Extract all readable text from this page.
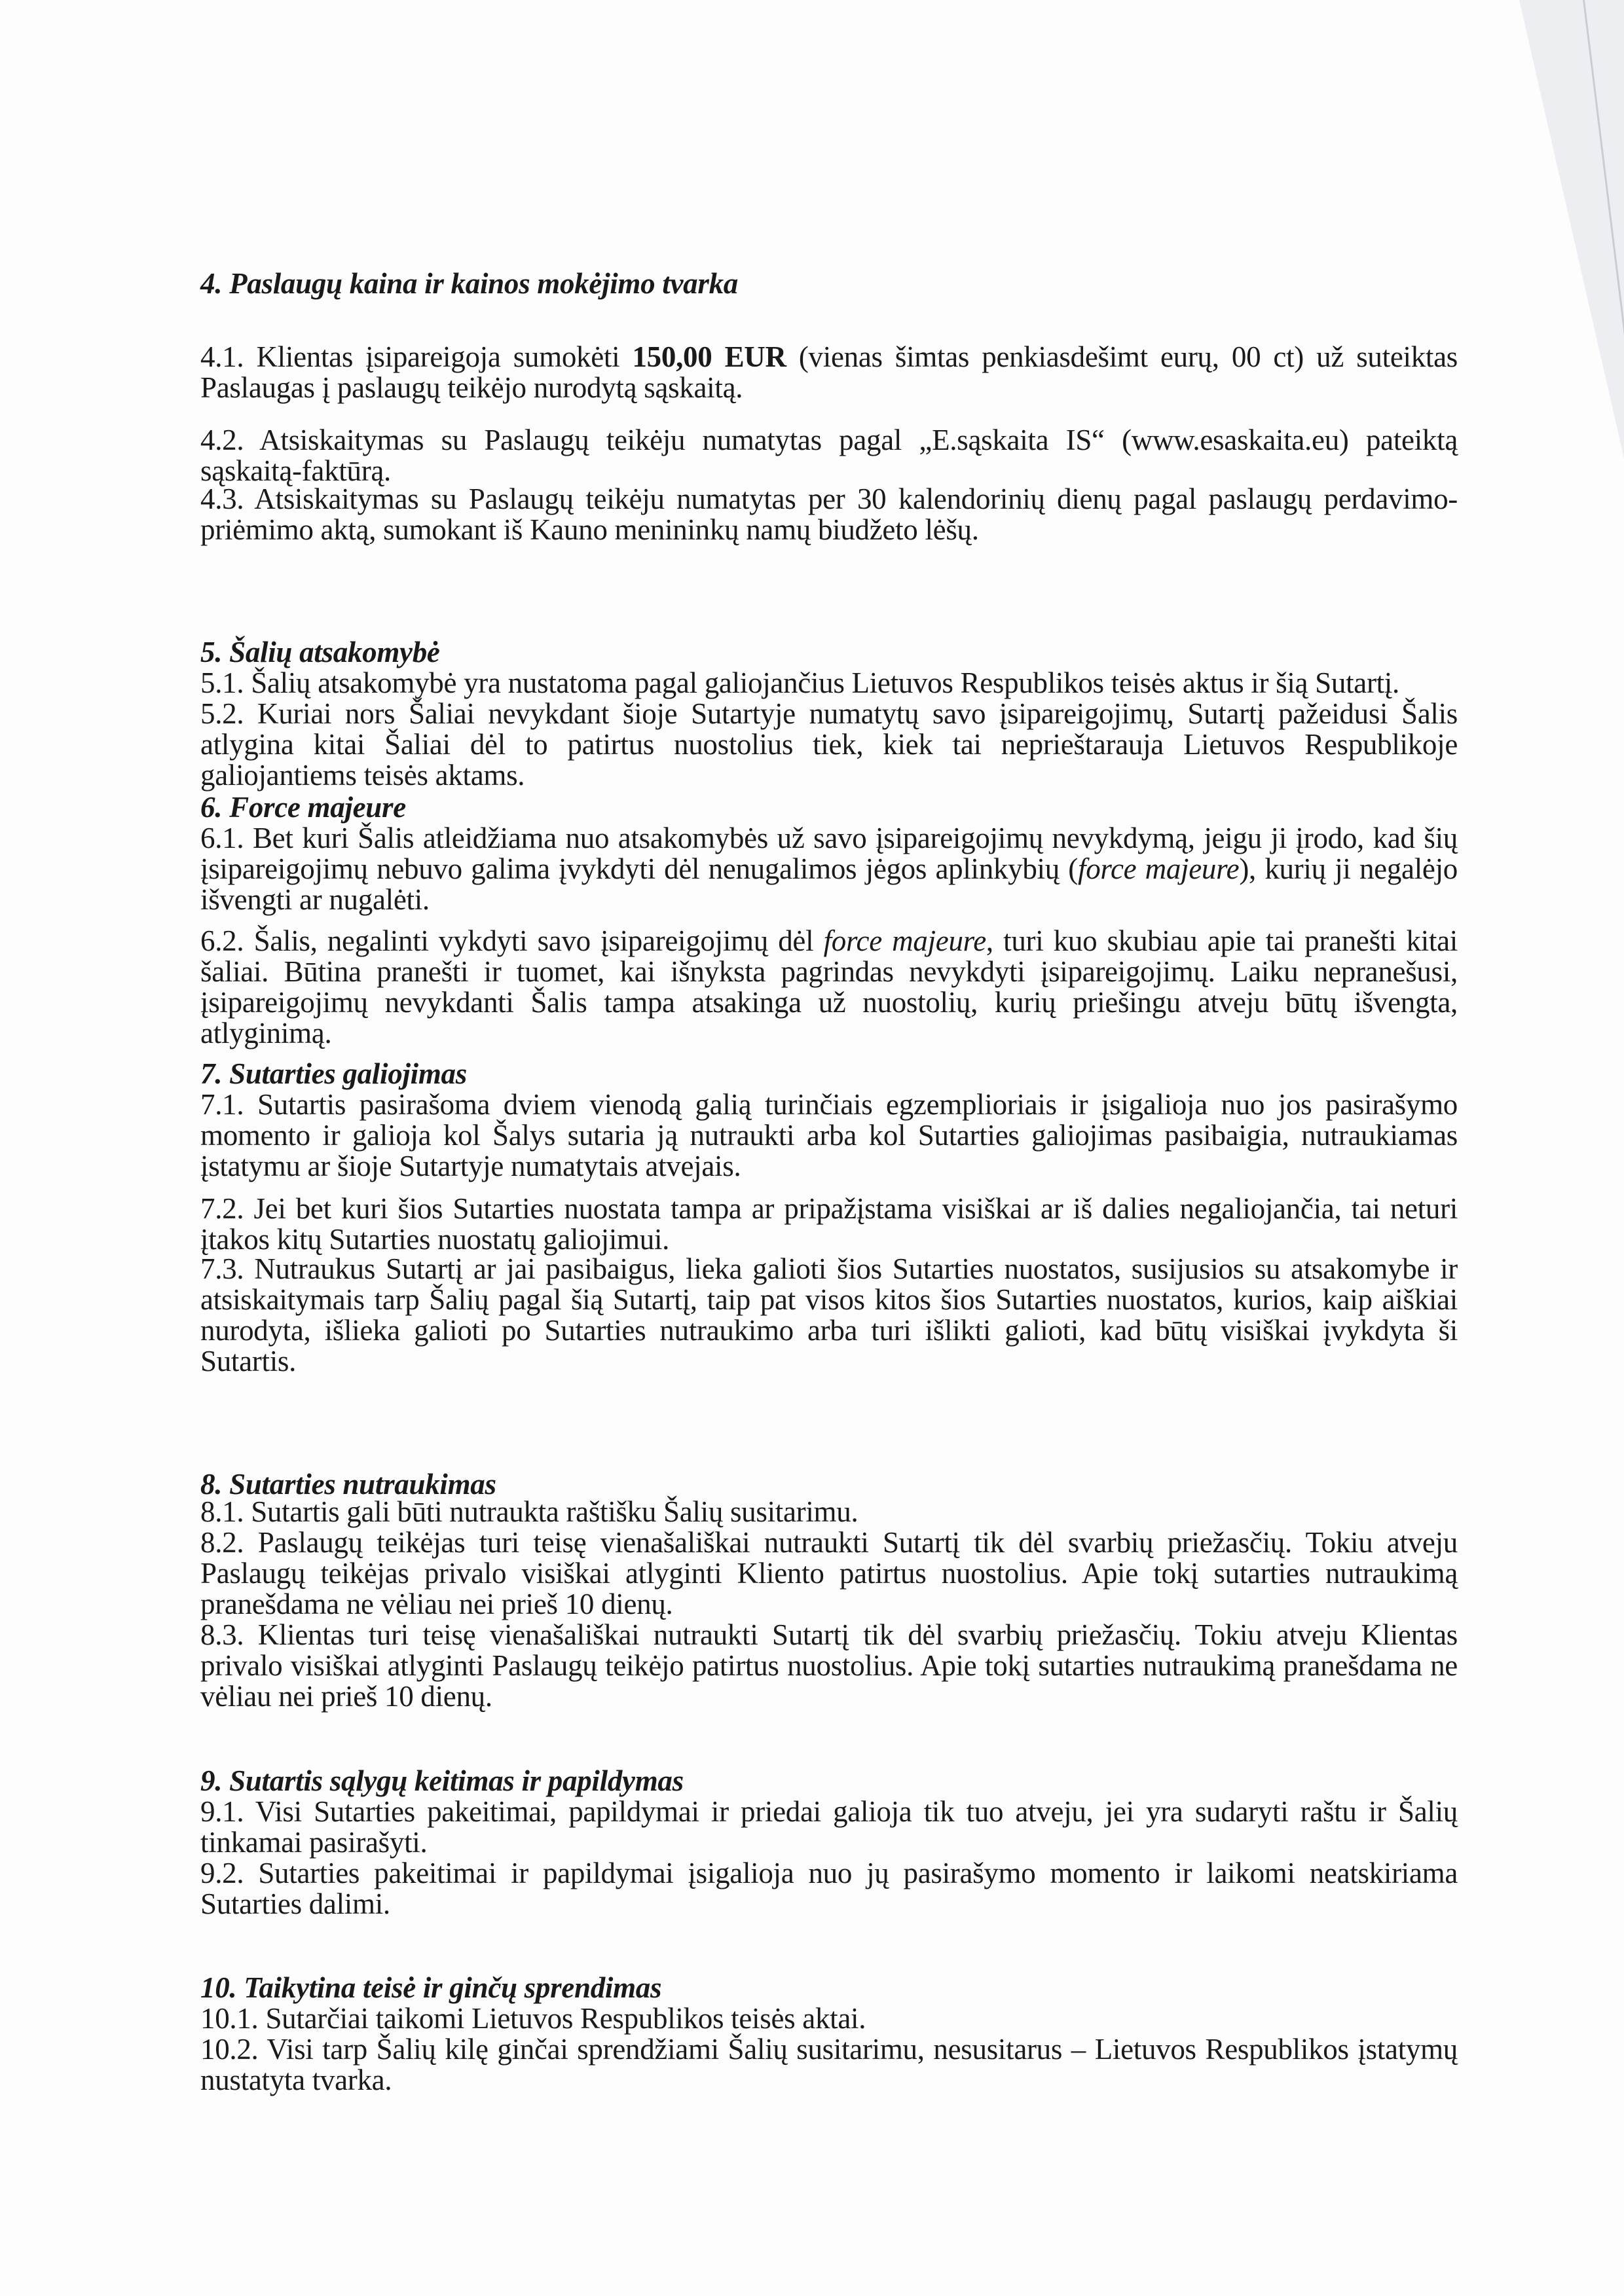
4. Paslaugų kaina ir kainos mokėjimo tvarka
4.1. Klientas įsipareigoja sumokėti 150,00 EUR (vienas šimtas penkiasdešimt eurų, 00 ct) už suteiktas Paslaugas į paslaugų teikėjo nurodytą sąskaitą.
4.2. Atsiskaitymas su Paslaugų teikėju numatytas pagal „E.sąskaita IS“ (www.esaskaita.eu) pateiktą sąskaitą-faktūrą.
4.3. Atsiskaitymas su Paslaugų teikėju numatytas per 30 kalendorinių dienų pagal paslaugų perdavimo-priėmimo aktą, sumokant iš Kauno menininkų namų biudžeto lėšų.
5. Šalių atsakomybė
5.1. Šalių atsakomybė yra nustatoma pagal galiojančius Lietuvos Respublikos teisės aktus ir šią Sutartį.
5.2. Kuriai nors Šaliai nevykdant šioje Sutartyje numatytų savo įsipareigojimų, Sutartį pažeidusi Šalis atlygina kitai Šaliai dėl to patirtus nuostolius tiek, kiek tai neprieštarauja Lietuvos Respublikoje galiojantiems teisės aktams.
6. Force majeure
6.1. Bet kuri Šalis atleidžiama nuo atsakomybės už savo įsipareigojimų nevykdymą, jeigu ji įrodo, kad šių įsipareigojimų nebuvo galima įvykdyti dėl nenugalimos jėgos aplinkybių (force majeure), kurių ji negalėjo išvengti ar nugalėti.
6.2. Šalis, negalinti vykdyti savo įsipareigojimų dėl force majeure, turi kuo skubiau apie tai pranešti kitai šaliai. Būtina pranešti ir tuomet, kai išnyksta pagrindas nevykdyti įsipareigojimų. Laiku nepranešusi, įsipareigojimų nevykdanti Šalis tampa atsakinga už nuostolių, kurių priešingu atveju būtų išvengta, atlyginimą.
7. Sutarties galiojimas
7.1. Sutartis pasirašoma dviem vienodą galią turinčiais egzemplioriais ir įsigalioja nuo jos pasirašymo momento ir galioja kol Šalys sutaria ją nutraukti arba kol Sutarties galiojimas pasibaigia, nutraukiamas įstatymu ar šioje Sutartyje numatytais atvejais.
7.2. Jei bet kuri šios Sutarties nuostata tampa ar pripažįstama visiškai ar iš dalies negaliojančia, tai neturi įtakos kitų Sutarties nuostatų galiojimui.
7.3. Nutraukus Sutartį ar jai pasibaigus, lieka galioti šios Sutarties nuostatos, susijusios su atsakomybe ir atsiskaitymais tarp Šalių pagal šią Sutartį, taip pat visos kitos šios Sutarties nuostatos, kurios, kaip aiškiai nurodyta, išlieka galioti po Sutarties nutraukimo arba turi išlikti galioti, kad būtų visiškai įvykdyta ši Sutartis.
8. Sutarties nutraukimas
8.1. Sutartis gali būti nutraukta raštišku Šalių susitarimu.
8.2. Paslaugų teikėjas turi teisę vienašališkai nutraukti Sutartį tik dėl svarbių priežasčių. Tokiu atveju Paslaugų teikėjas privalo visiškai atlyginti Kliento patirtus nuostolius. Apie tokį sutarties nutraukimą pranešdama ne vėliau nei prieš 10 dienų.
8.3. Klientas turi teisę vienašališkai nutraukti Sutartį tik dėl svarbių priežasčių. Tokiu atveju Klientas privalo visiškai atlyginti Paslaugų teikėjo patirtus nuostolius. Apie tokį sutarties nutraukimą pranešdama ne vėliau nei prieš 10 dienų.
9. Sutartis sąlygų keitimas ir papildymas
9.1. Visi Sutarties pakeitimai, papildymai ir priedai galioja tik tuo atveju, jei yra sudaryti raštu ir Šalių tinkamai pasirašyti.
9.2. Sutarties pakeitimai ir papildymai įsigalioja nuo jų pasirašymo momento ir laikomi neatskiriama Sutarties dalimi.
10. Taikytina teisė ir ginčų sprendimas
10.1. Sutarčiai taikomi Lietuvos Respublikos teisės aktai.
10.2. Visi tarp Šalių kilę ginčai sprendžiami Šalių susitarimu, nesusitarus – Lietuvos Respublikos įstatymų nustatyta tvarka.
